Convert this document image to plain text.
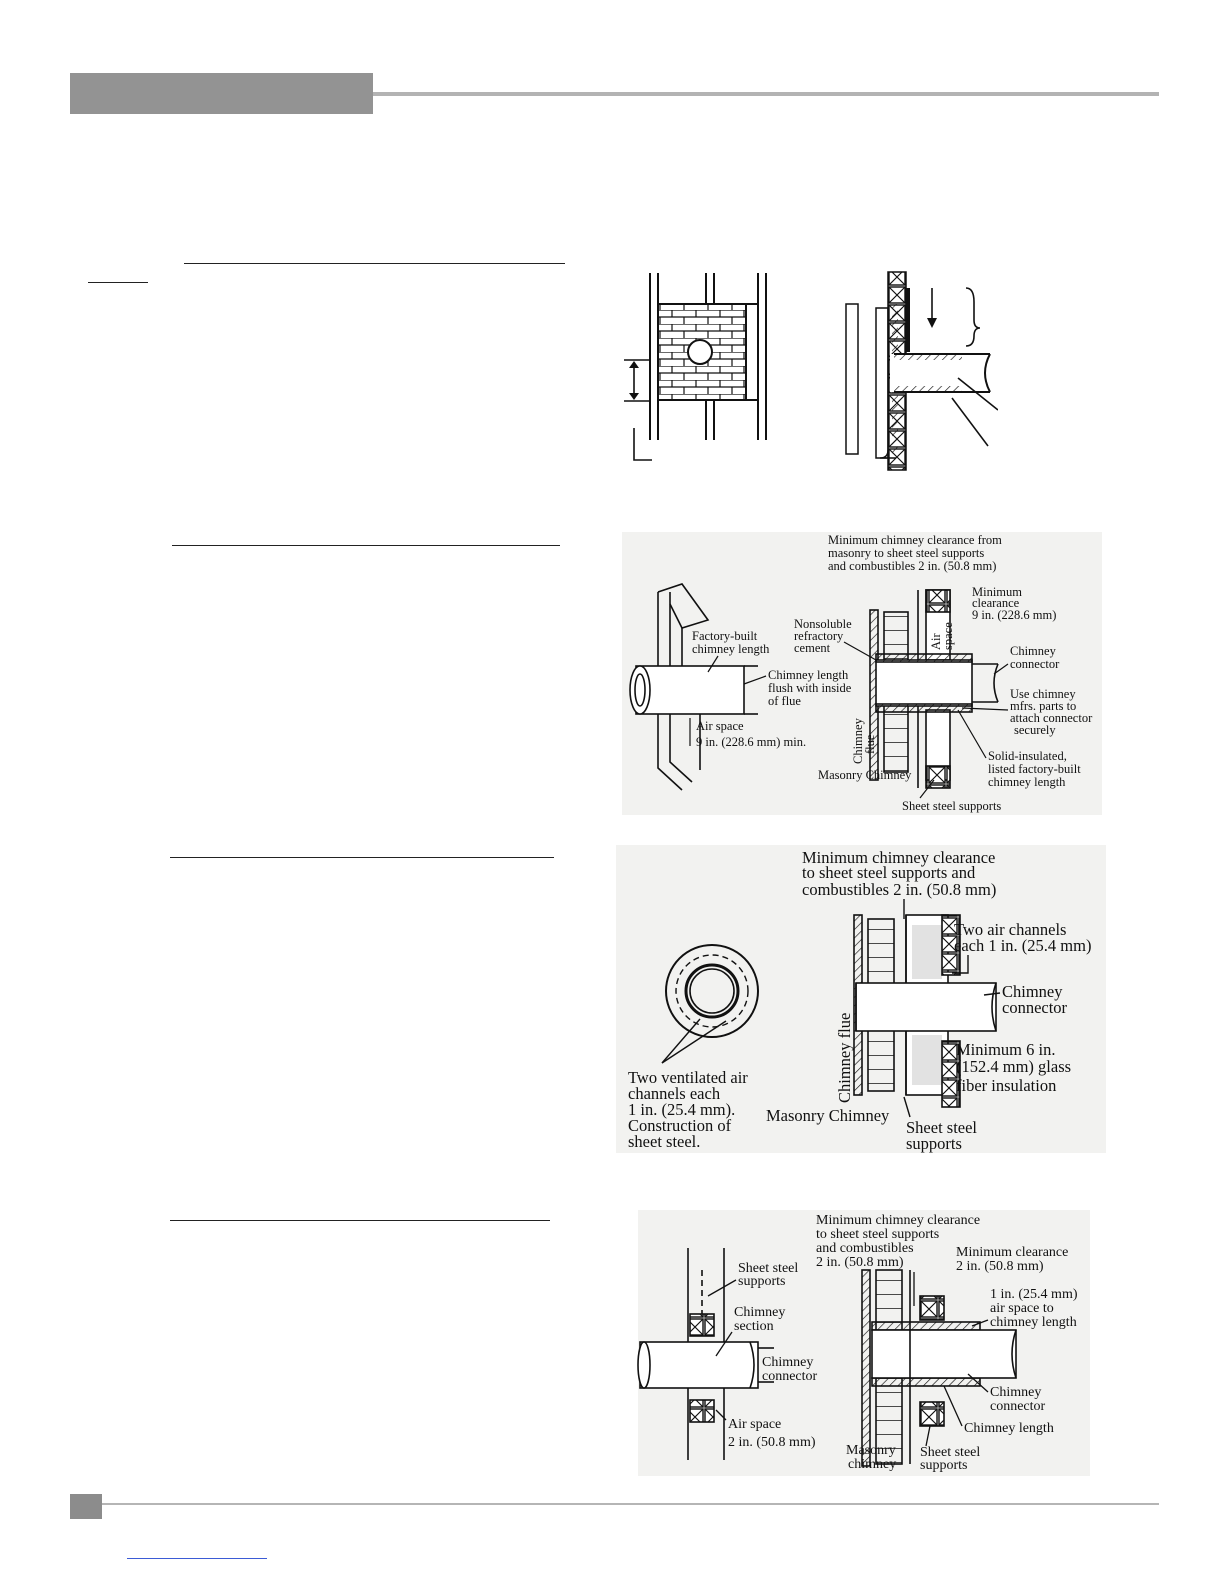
Minimum chimney clearance from
masonry to sheet steel supports
and combustibles 2 in. (50.8 mm)
Factory-built
chimney length
Chimney length
flush with inside
of flue
Air space
9 in. (228.6 mm) min.
Nonsoluble
refractory
cement	Air
space
Minimum
clearance
9 in. (228.6 mm)
Chimney
connector
Use chimney
mfrs. parts to
attach connector
securely
Chimney
flue
Solid-insulated,
listed factory-built
chimney length
Masonry Chimney
Sheet steel supports
Minimum chimney clearance
to sheet steel supports and
combustibles 2 in. (50.8 mm)
Two ventilated air
channels each
1 in. (25.4 mm).
Construction of
sheet steel.
Two air channels
each 1 in. (25.4 mm)
Chimney
connector
Minimum 6 in.
(152.4 mm) glass
fiber insulation
Chimney flue
Masonry Chimney
Sheet steel
supports
Minimum chimney clearance
to sheet steel supports
and combustibles
2 in. (50.8 mm)
Sheet steel
supports
Chimney
section
Chimney
connector
Air space
2 in. (50.8 mm)
Minimum clearance
2 in. (50.8 mm)
1 in. (25.4 mm)
air space to
chimney length
Chimney
connector
Chimney length
Masonry
chimney
Sheet steel
supports
